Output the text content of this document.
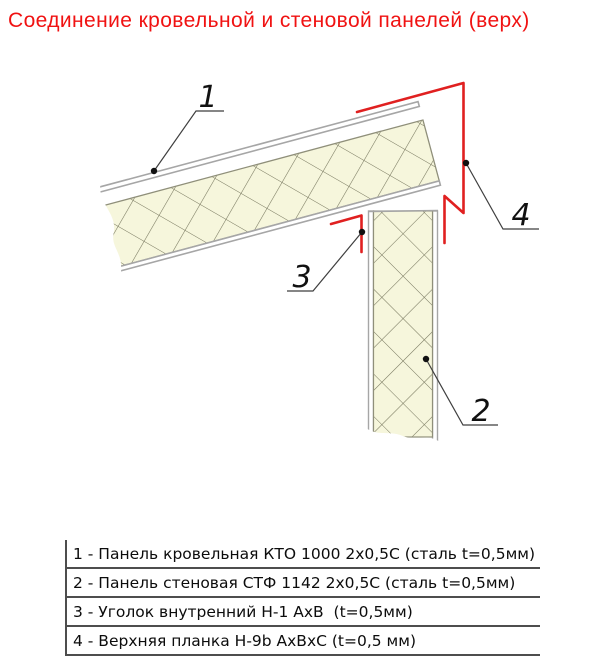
Соединение кровельной и стеновой панелей (верх)
1
2
3
4
1 - Панель кровельная КТО 1000 2х0,5С (сталь t=0,5мм)
2 - Панель стеновая СТФ 1142 2х0,5С (сталь t=0,5мм)
3 - Уголок внутренний Н-1 АхВ  (t=0,5мм)
4 - Верхняя планка Н-9b АхВхС (t=0,5 мм)
